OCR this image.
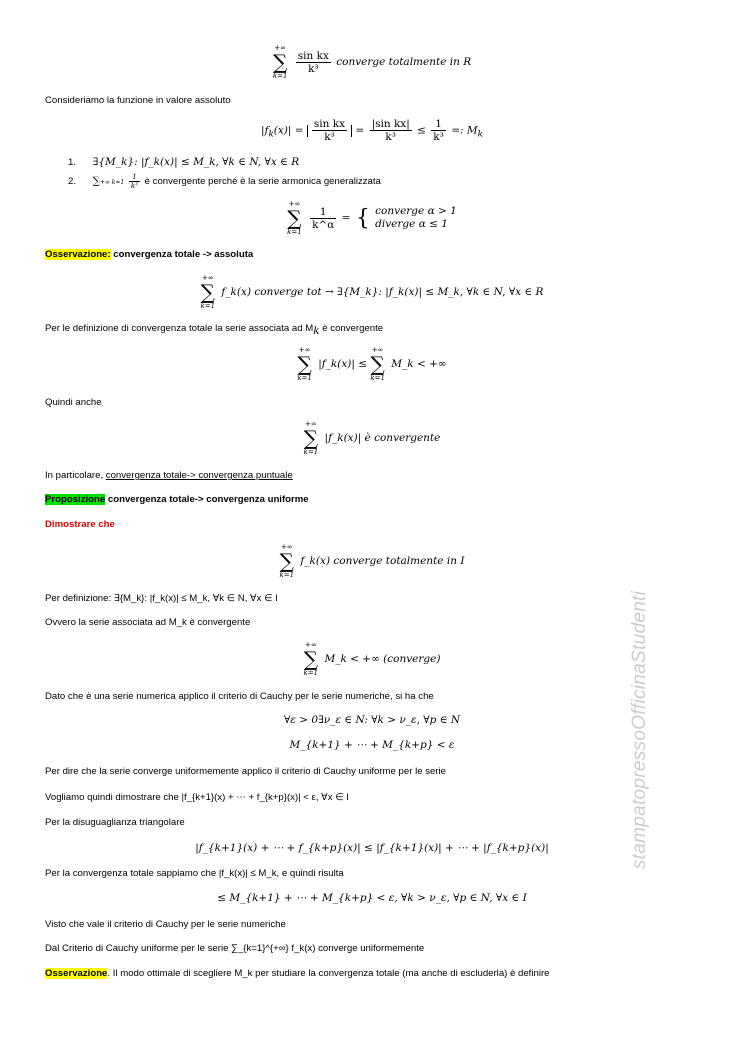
stampatopressoOfficinaStudenti
+∞
∑
k=1

$\frac{\text{sin kx}}{\text{k³}}$ converge totalmente in R
Consideriamo la funzione in valore assoluto
$|f_k(x)| = \frac{\text{sin kx}}{\text{k³}} = \frac{\text{|sin kx|}}{\text{k³}} \le \frac{1}{\text{k³}}$ =: $M_k$
1. ∃{M_k}: |f_k(x)| ≤ M_k, ∀k ∈ N, ∀x ∈ R
2. ∑+∞ $k=1 \frac{1}{\text{k³}}$ è convergente perché è la serie armonica generalizzata
+∞
∑
k=1

$\frac{1}{k\^{}\alpha}$ = { converge α > 1
diverge α ≤ 1
Osservazione: convergenza totale -> assoluta
+∞
∑
k=1
f_k(x) converge tot → ∃{M_k}: |f_k(x)| ≤ M_k, ∀k ∈ N, ∀x ∈ R
Per le definizione di convergenza totale la serie associata ad $M_k$ è convergente
+∞
∑
k=1
|f_k(x)| ≤
+∞
∑
k=1
M_k < +∞
Quindi anche
+∞
∑
k=1
|f_k(x)| è convergente
In particolare, convergenza totale-> convergenza puntuale
Proposizione convergenza totale-> convergenza uniforme
Dimostrare che
+∞
∑
k=1
f_k(x) converge totalmente in I
Per definizione: ∃{M_k}: |f_k(x)| ≤ M_k, ∀k ∈ N, ∀x ∈ I
Ovvero la serie associata ad M_k è convergente
+∞
∑
k=1
M_k < +∞ (converge)
Dato che è una serie numerica applico il criterio di Cauchy per le serie numeriche, si ha che
∀ε > 0∃ν_ε ∈ N: ∀k > ν_ε, ∀p ∈ N
M_{k+1} + ⋯ + M_{k+p} < ε
Per dire che la serie converge uniformemente applico il criterio di Cauchy uniforme per le serie
Vogliamo quindi dimostrare che |f_{k+1}(x) + ⋯ + f_{k+p}(x)| < ε, ∀x ∈ I
Per la disuguaglianza triangolare
|f_{k+1}(x) + ⋯ + f_{k+p}(x)| ≤ |f_{k+1}(x)| + ⋯ + |f_{k+p}(x)|
Per la convergenza totale sappiamo che |f_k(x)| ≤ M_k, e quindi risulta
≤ M_{k+1} + ⋯ + M_{k+p} < ε, ∀k > ν_ε, ∀p ∈ N, ∀x ∈ I
Visto che vale il criterio di Cauchy per le serie numeriche
Dal Criterio di Cauchy uniforme per le serie ∑_{k=1}^{+∞} f_k(x) converge uniformemente
Osservazione. Il modo ottimale di scegliere M_k per studiare la convergenza totale (ma anche di escluderla) è definire
